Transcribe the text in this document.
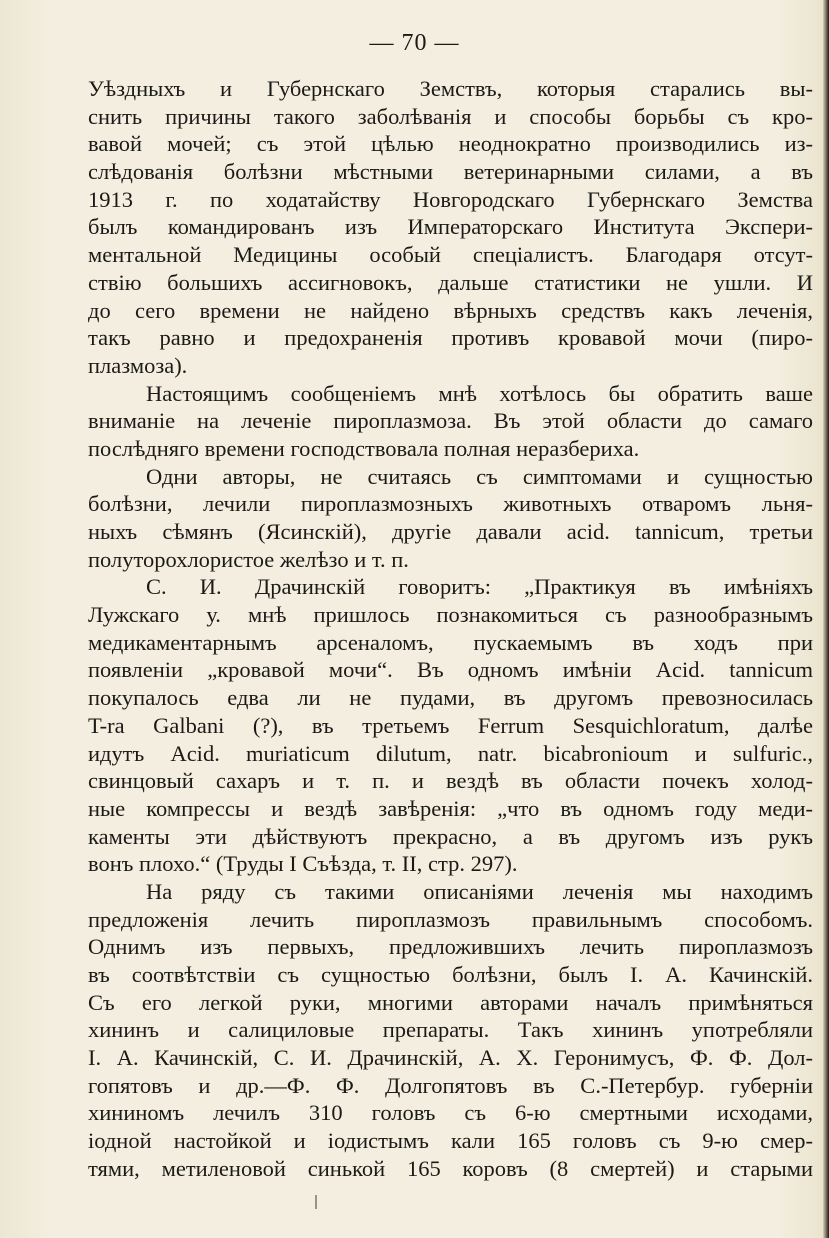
— 70 —
Уѣздныхъ и Губернскаго Земствъ, которыя старались вы-
снить причины такого заболѣванія и способы борьбы съ кро-
вавой мочей; съ этой цѣлью неоднократно производились из-
слѣдованія болѣзни мѣстными ветеринарными силами, а въ
1913 г. по ходатайству Новгородскаго Губернскаго Земства
былъ командированъ изъ Императорскаго Института Экспери-
ментальной Медицины особый спеціалистъ. Благодаря отсут-
ствію большихъ ассигновокъ, дальше статистики не ушли. И
до сего времени не найдено вѣрныхъ средствъ какъ леченія,
такъ равно и предохраненія противъ кровавой мочи (пиро-
плазмоза).
Настоящимъ сообщеніемъ мнѣ хотѣлось бы обратить ваше
вниманіе на леченіе пироплазмоза. Въ этой области до самаго
послѣдняго времени господствовала полная неразбериха.
Одни авторы, не считаясь съ симптомами и сущностью
болѣзни, лечили пироплазмозныхъ животныхъ отваромъ льня-
ныхъ сѣмянъ (Ясинскій), другіе давали acid. tannicum, третьи
полуторохлористое желѣзо и т. п.
С. И. Драчинскій говоритъ: „Практикуя въ имѣніяхъ
Лужскаго у. мнѣ пришлось познакомиться съ разнообразнымъ
медикаментарнымъ арсеналомъ, пускаемымъ въ ходъ при
появленіи „кровавой мочи“. Въ одномъ имѣніи Acid. tannicum
покупалось едва ли не пудами, въ другомъ превозносилась
T-ra Galbani (?), въ третьемъ Ferrum Sesquichloratum, далѣе
идутъ Acid. muriaticum dilutum, natr. bicabronioum и sulfuric.,
свинцовый сахаръ и т. п. и вездѣ въ области почекъ холод-
ные компрессы и вездѣ завѣренія: „что въ одномъ году меди-
каменты эти дѣйствуютъ прекрасно, а въ другомъ изъ рукъ
вонъ плохо.“ (Труды I Съѣзда, т. II, стр. 297).
На ряду съ такими описаніями леченія мы находимъ
предложенія лечить пироплазмозъ правильнымъ способомъ.
Однимъ изъ первыхъ, предложившихъ лечить пироплазмозъ
въ соотвѣтствіи съ сущностью болѣзни, былъ I. А. Качинскій.
Съ его легкой руки, многими авторами началъ примѣняться
хининъ и салициловые препараты. Такъ хининъ употребляли
I. А. Качинскій, С. И. Драчинскій, А. Х. Геронимусъ, Ф. Ф. Дол-
гопятовъ и др.—Ф. Ф. Долгопятовъ въ С.-Петербур. губерніи
хининомъ лечилъ 310 головъ съ 6-ю смертными исходами,
іодной настойкой и іодистымъ кали 165 головъ съ 9-ю смер-
тями, метиленовой синькой 165 коровъ (8 смертей) и старыми
